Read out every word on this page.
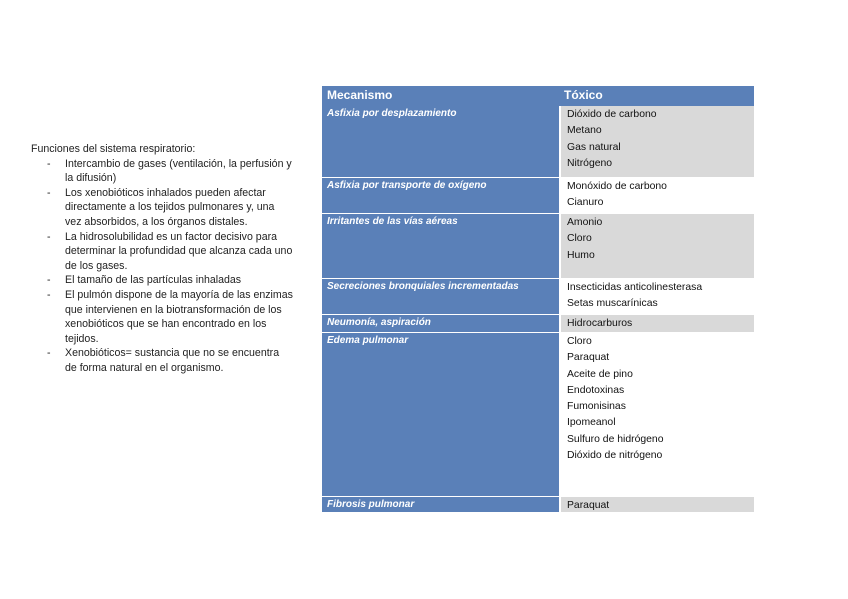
Funciones del sistema respiratorio:

- Intercambio de gases (ventilación, la perfusión y la difusión)
- Los xenobióticos inhalados pueden afectar directamente a los tejidos pulmonares y, una vez absorbidos, a los órganos distales.
- La hidrosolubilidad es un factor decisivo para determinar la profundidad que alcanza cada uno de los gases.
- El tamaño de las partículas inhaladas
- El pulmón dispone de la mayoría de las enzimas que intervienen en la biotransformación de los xenobióticos que se han encontrado en los tejidos.
- Xenobióticos= sustancia que no se encuentra de forma natural en el organismo.
Mecanismo	Tóxico
Asfixia por desplazamiento	Dióxido de carbono
Metano
Gas natural
Nitrógeno
Asfixia por transporte de oxígeno	Monóxido de carbono
Cianuro
Irritantes de las vías aéreas	Amonio
Cloro
Humo
Secreciones bronquiales incrementadas	Insecticidas anticolinesterasa
Setas muscarínicas
Neumonía, aspiración	Hidrocarburos
Edema pulmonar	Cloro
Paraquat
Aceite de pino
Endotoxinas
Fumonisinas
Ipomeanol
Sulfuro de hidrógeno
Dióxido de nitrógeno
Fibrosis pulmonar	Paraquat
